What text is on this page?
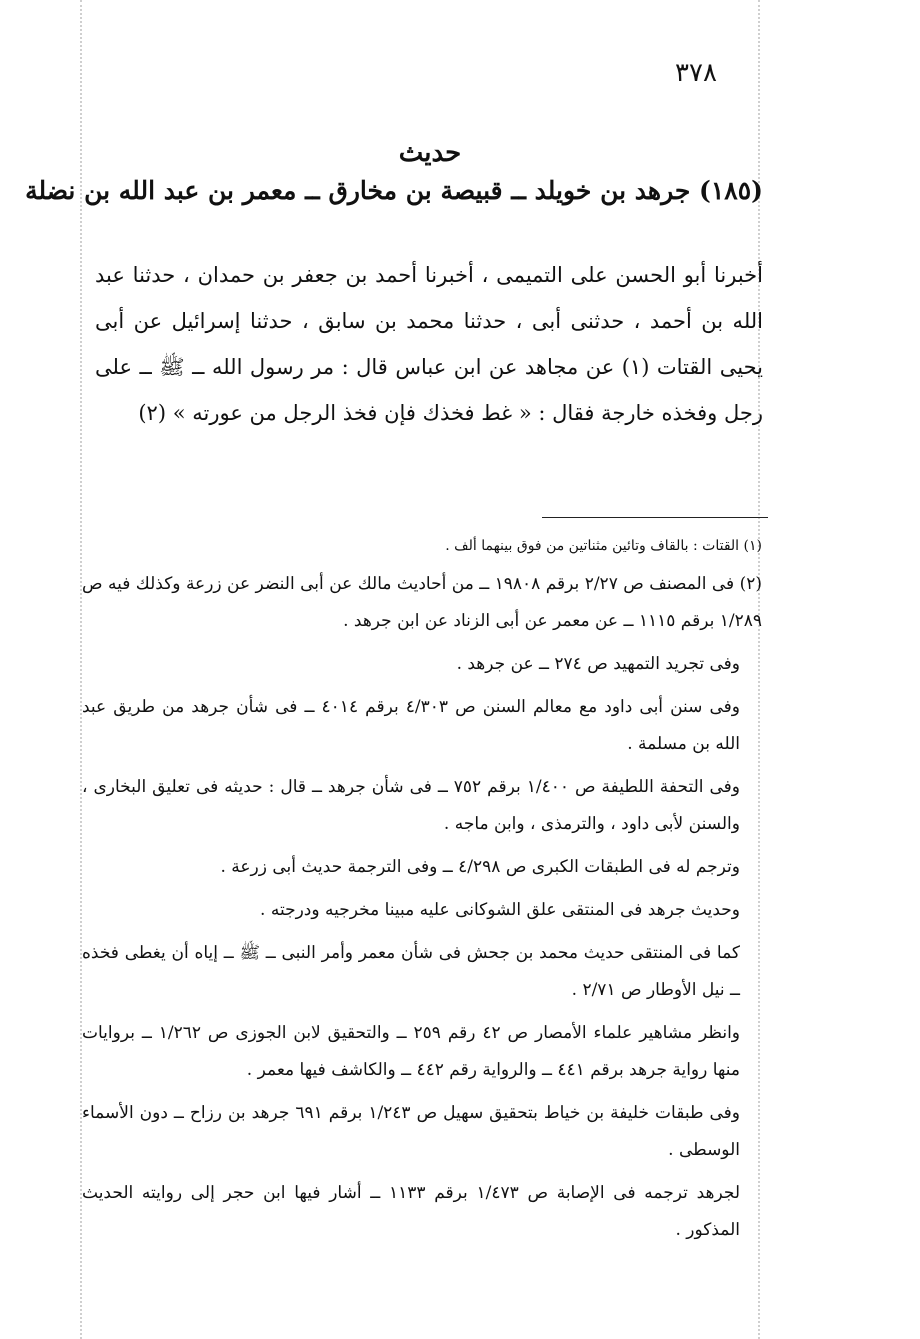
٣٧٨
حديث
(١٨٥) جرهد بن خويلد ــ قبيصة بن مخارق ــ معمر بن عبد الله بن نضلة

أخبرنا أبو الحسن على التميمى ، أخبرنا أحمد بن جعفر بن حمدان ، حدثنا عبد الله بن أحمد ، حدثنى أبى ، حدثنا محمد بن سابق ، حدثنا إسرائيل عن أبى يحيى القتات (١) عن مجاهد عن ابن عباس قال : مر رسول الله ــ ﷺ ــ على رجل وفخذه خارجة فقال : « غط فخذك فإن فخذ الرجل من عورته » (٢)

(١) القتات : بالقاف وتائين مثناتين من فوق بينهما ألف .

(٢) فى المصنف ص ٢/٢٧ برقم ١٩٨٠٨ ــ من أحاديث مالك عن أبى النضر عن زرعة وكذلك فيه ص ١/٢٨٩ برقم ١١١٥ ــ عن معمر عن أبى الزناد عن ابن جرهد .

وفى تجريد التمهيد ص ٢٧٤ ــ عن جرهد .

وفى سنن أبى داود مع معالم السنن ص ٤/٣٠٣ برقم ٤٠١٤ ــ فى شأن جرهد من طريق عبد الله بن مسلمة .

وفى التحفة اللطيفة ص ١/٤٠٠ برقم ٧٥٢ ــ فى شأن جرهد ــ قال : حديثه فى تعليق البخارى ، والسنن لأبى داود ، والترمذى ، وابن ماجه .

وترجم له فى الطبقات الكبرى ص ٤/٢٩٨ ــ وفى الترجمة حديث أبى زرعة .

وحديث جرهد فى المنتقى علق الشوكانى عليه مبينا مخرجيه ودرجته .

كما فى المنتقى حديث محمد بن جحش فى شأن معمر وأمر النبى ــ ﷺ ــ إياه أن يغطى فخذه ــ نيل الأوطار ص ٢/٧١ .

وانظر مشاهير علماء الأمصار ص ٤٢ رقم ٢٥٩ ــ والتحقيق لابن الجوزى ص ١/٢٦٢ ــ بروايات منها رواية جرهد برقم ٤٤١ ــ والرواية رقم ٤٤٢ ــ والكاشف فيها معمر .

وفى طبقات خليفة بن خياط بتحقيق سهيل ص ١/٢٤٣ برقم ٦٩١ جرهد بن رزاح ــ دون الأسماء الوسطى .

لجرهد ترجمه فى الإصابة ص ١/٤٧٣ برقم ١١٣٣ ــ أشار فيها ابن حجر إلى روايته الحديث المذكور .
